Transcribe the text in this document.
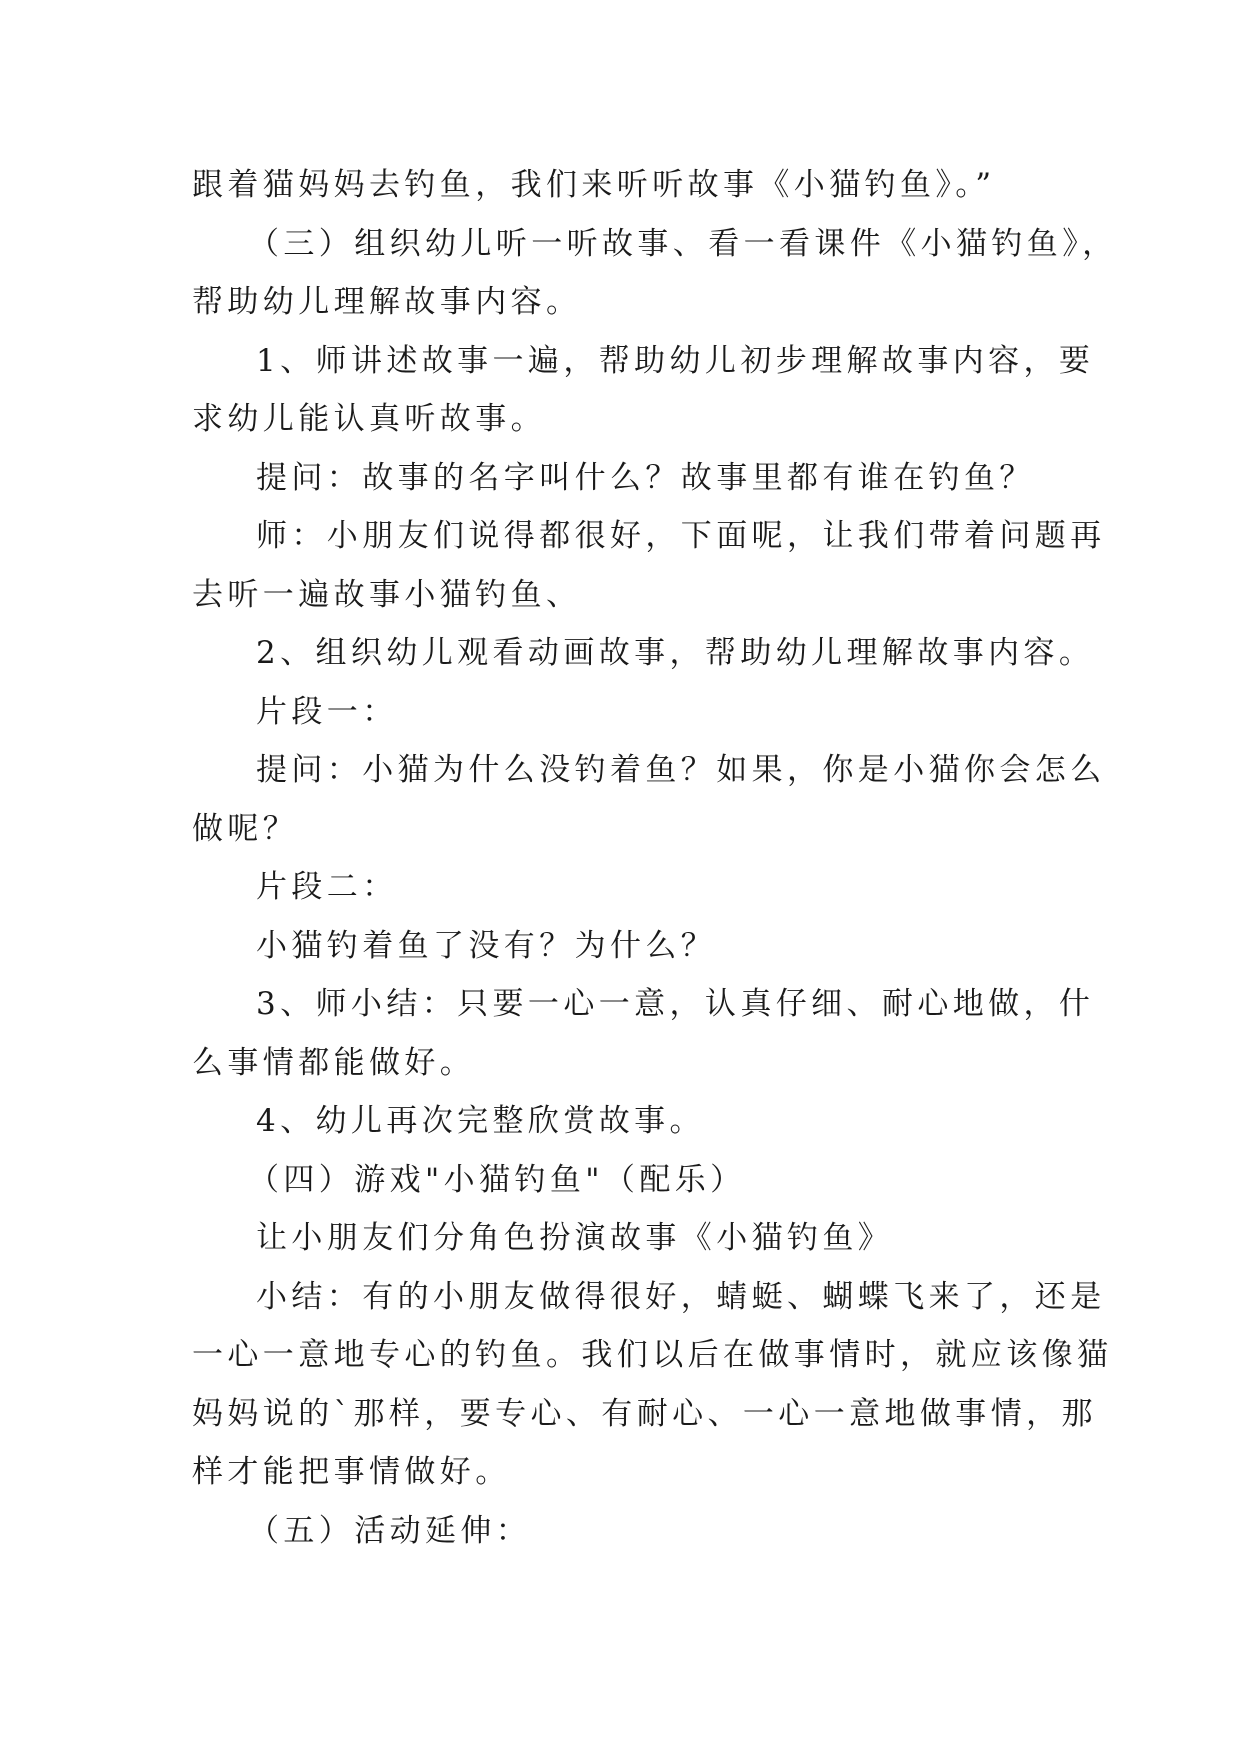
跟着猫妈妈去钓鱼，我们来听听故事《小猫钓鱼》。”

（三）组织幼儿听一听故事、看一看课件《小猫钓鱼》，

帮助幼儿理解故事内容。

1、师讲述故事一遍，帮助幼儿初步理解故事内容，要

求幼儿能认真听故事。

提问：故事的名字叫什么？故事里都有谁在钓鱼？

师：小朋友们说得都很好，下面呢，让我们带着问题再

去听一遍故事小猫钓鱼、

2、组织幼儿观看动画故事，帮助幼儿理解故事内容。

片段一：

提问：小猫为什么没钓着鱼？如果，你是小猫你会怎么

做呢？

片段二：

小猫钓着鱼了没有？为什么？

3、师小结：只要一心一意，认真仔细、耐心地做，什

么事情都能做好。

4、幼儿再次完整欣赏故事。

（四）游戏"小猫钓鱼"（配乐）

让小朋友们分角色扮演故事《小猫钓鱼》

小结：有的小朋友做得很好，蜻蜓、蝴蝶飞来了，还是

一心一意地专心的钓鱼。我们以后在做事情时，就应该像猫

妈妈说的`那样，要专心、有耐心、一心一意地做事情，那

样才能把事情做好。

（五）活动延伸：
